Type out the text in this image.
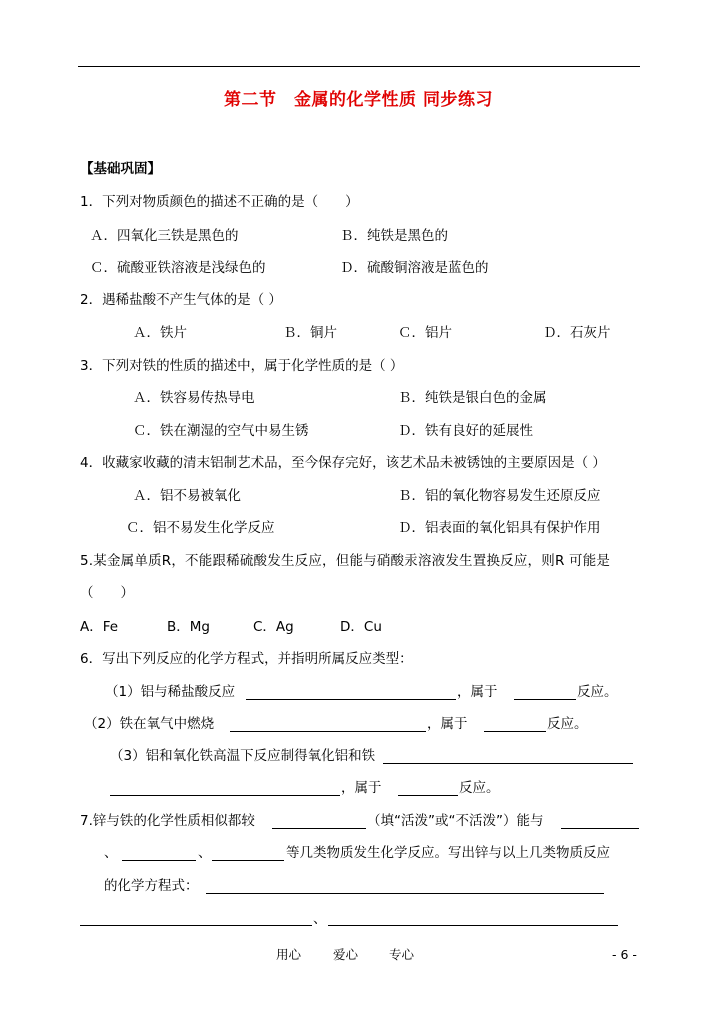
第二节　金属的化学性质 同步练习
【基础巩固】
1．下列对物质颜色的描述不正确的是（　　）
Ａ．四氧化三铁是黑色的	Ｂ．纯铁是黑色的
Ｃ．硫酸亚铁溶液是浅绿色的	Ｄ．硫酸铜溶液是蓝色的
2．遇稀盐酸不产生气体的是（ ）
Ａ．铁片	Ｂ．铜片	Ｃ．铝片	Ｄ．石灰片
3．下列对铁的性质的描述中，属于化学性质的是（ ）
Ａ．铁容易传热导电	Ｂ．纯铁是银白色的金属
Ｃ．铁在潮湿的空气中易生锈	Ｄ．铁有良好的延展性
4．收藏家收藏的清末铝制艺术品，至今保存完好，该艺术品未被锈蚀的主要原因是（ ）
Ａ．铝不易被氧化	Ｂ．铝的氧化物容易发生还原反应
Ｃ．铝不易发生化学反应	Ｄ．铝表面的氧化铝具有保护作用
5.某金属单质R，不能跟稀硫酸发生反应，但能与硝酸汞溶液发生置换反应，则R 可能是
（　　）
A．Fe	B．Mg	C．Ag	D．Cu
6．写出下列反应的化学方程式，并指明所属反应类型：
（1）铝与稀盐酸反应	，属于	反应。
（2）铁在氧气中燃烧	，属于	反应。
（3）铝和氧化铁高温下反应制得氧化铝和铁
，属于	反应。
7.锌与铁的化学性质相似都较	（填“活泼”或“不活泼”）能与
、	、	等几类物质发生化学反应。写出锌与以上几类物质反应
的化学方程式：
、
用心	爱心 专心	- 6 -
